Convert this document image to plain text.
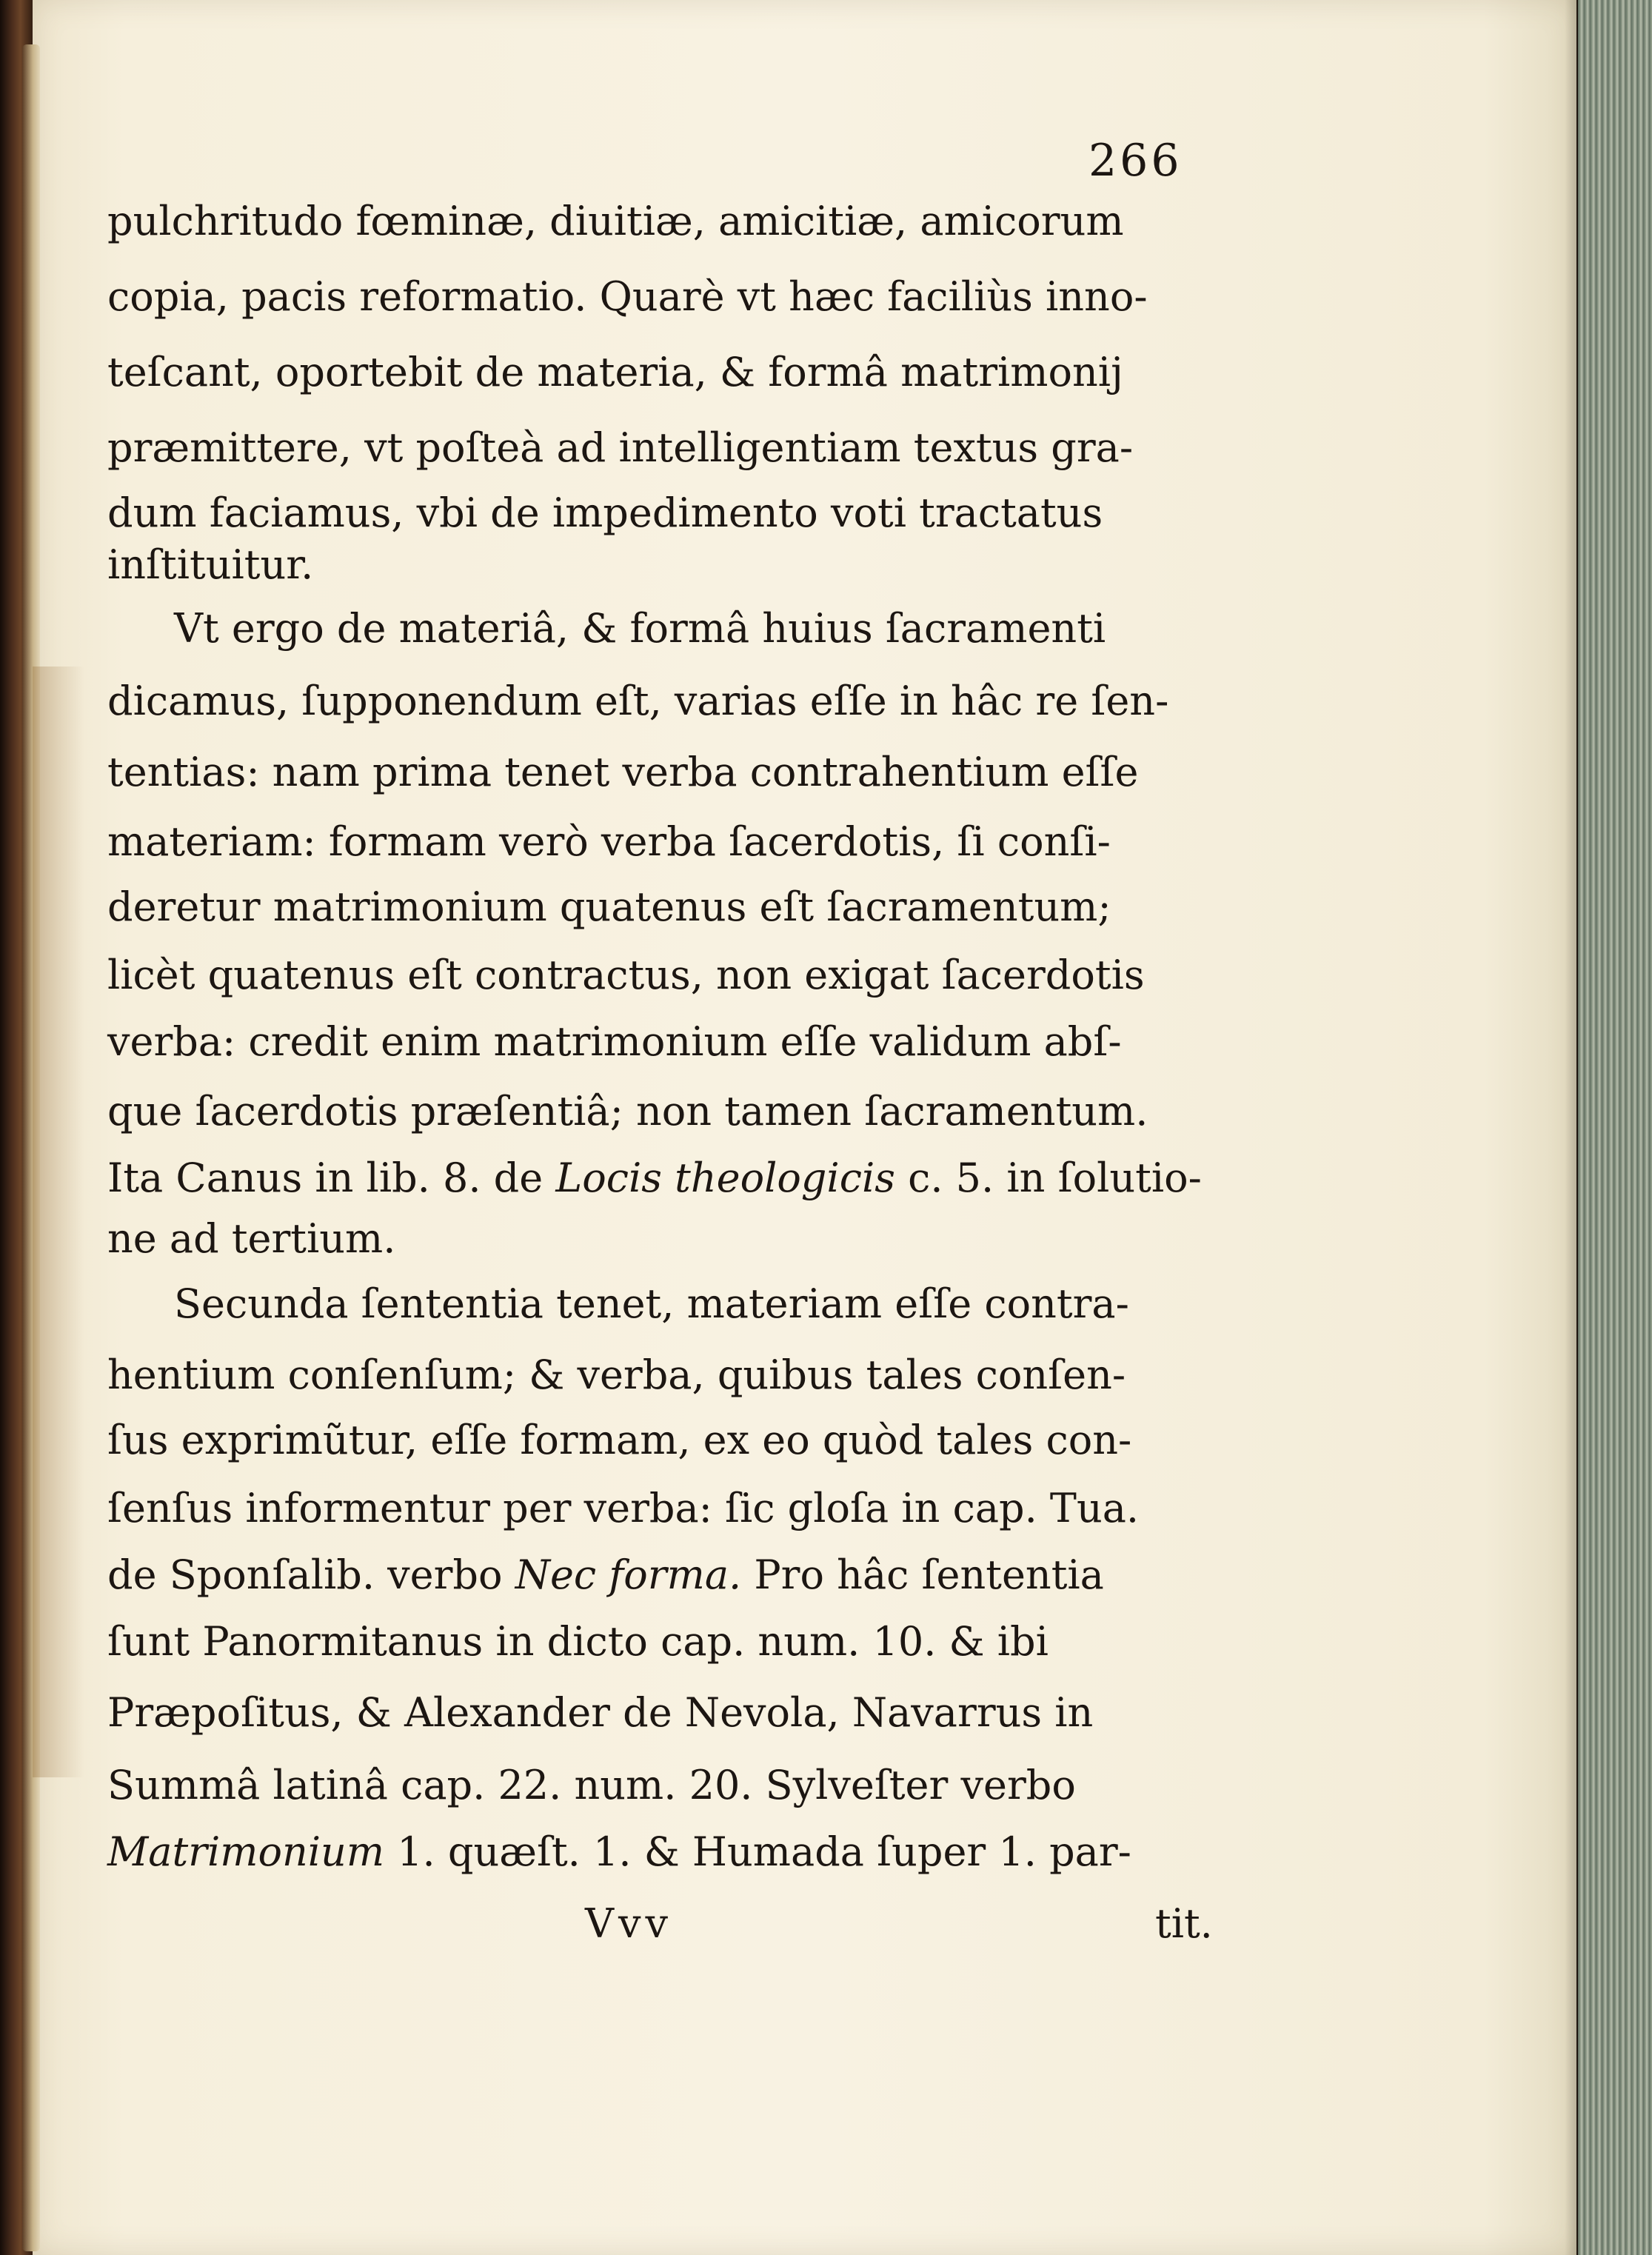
266
pulchritudo fœminæ, diuitiæ, amicitiæ, amicorum
copia, pacis reformatio. Quarè vt hæc faciliùs inno-
teſcant, oportebit de materia, & formâ matrimonij
præmittere, vt poſteà ad intelligentiam textus gra-
dum faciamus, vbi de impedimento voti tractatus
inſtituitur.
Vt ergo de materiâ, & formâ huius ſacramenti
dicamus, ſupponendum eſt, varias eſſe in hâc re ſen-
tentias: nam prima tenet verba contrahentium eſſe
materiam: formam verò verba ſacerdotis, ſi conſi-
deretur matrimonium quatenus eſt ſacramentum;
licèt quatenus eſt contractus, non exigat ſacerdotis
verba: credit enim matrimonium eſſe validum abſ-
que ſacerdotis præſentiâ; non tamen ſacramentum.
Ita Canus in lib. 8. de Locis theologicis c. 5. in ſolutio-
ne ad tertium.
Secunda ſententia tenet, materiam eſſe contra-
hentium conſenſum; & verba, quibus tales conſen-
ſus exprimũtur, eſſe formam, ex eo quòd tales con-
ſenſus informentur per verba: ſic gloſa in cap. Tua.
de Sponſalib. verbo Nec forma. Pro hâc ſententia
ſunt Panormitanus in dicto cap. num. 10. & ibi
Præpoſitus, & Alexander de Nevola, Navarrus in
Summâ latinâ cap. 22. num. 20. Sylveſter verbo
Matrimonium 1. quæſt. 1. & Humada ſuper 1. par-
Vvv	tit.
